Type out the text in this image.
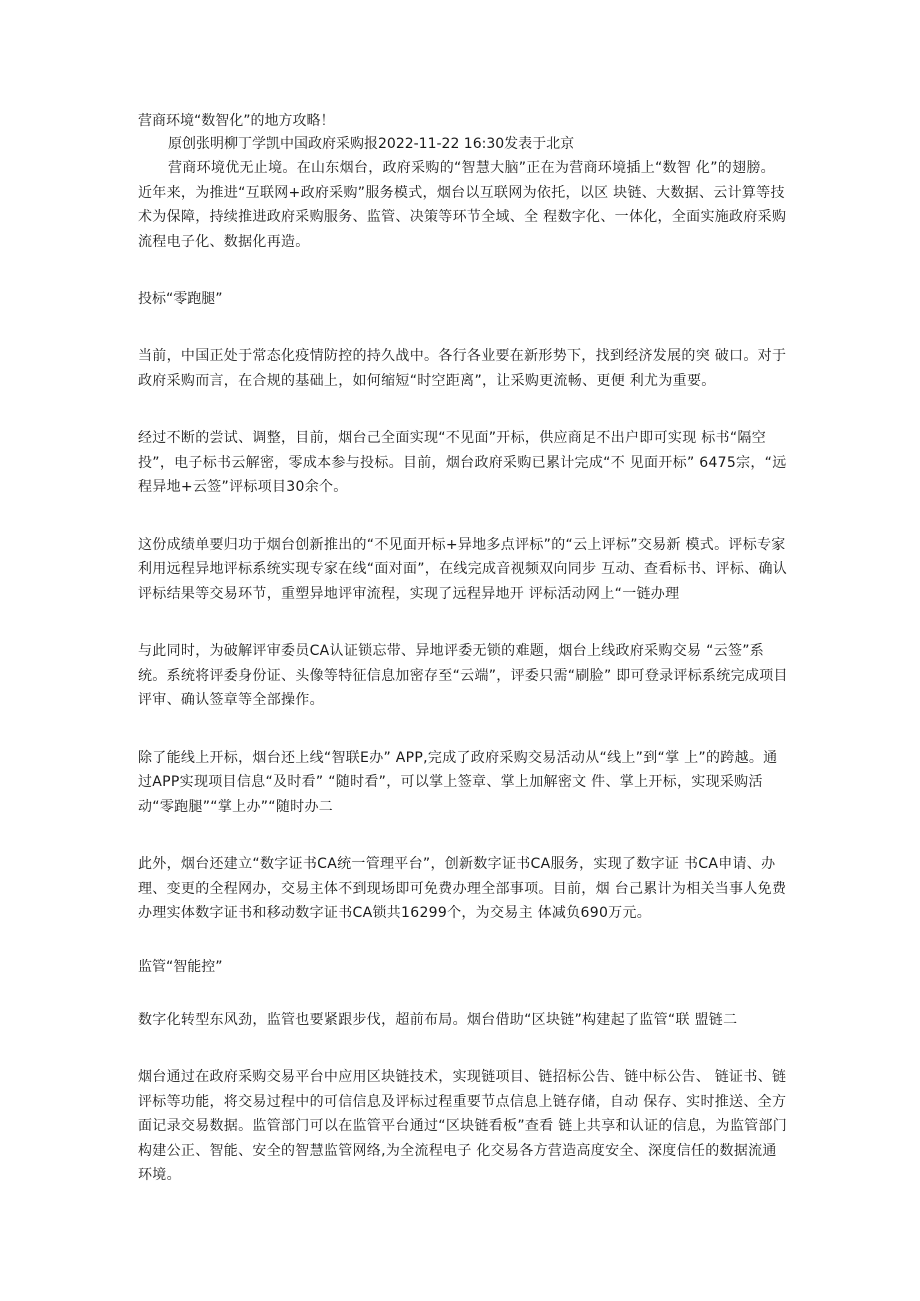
营商环境“数智化”的地方攻略！
原创张明柳丁学凯中国政府采购报2022-11-22 16:30发表于北京

营商环境优无止境。在山东烟台，政府采购的“智慧大脑”正在为营商环境插上“数智 化”的翅膀。近年来，为推进“互联网+政府采购”服务模式，烟台以互联网为依托，以区 块链、大数据、云计算等技术为保障，持续推进政府采购服务、监管、决策等环节全域、全 程数字化、一体化，全面实施政府采购流程电子化、数据化再造。

投标“零跑腿”

当前，中国正处于常态化疫情防控的持久战中。各行各业要在新形势下，找到经济发展的突 破口。对于政府采购而言，在合规的基础上，如何缩短“时空距离”，让采购更流畅、更便 利尤为重要。

经过不断的尝试、调整，目前，烟台己全面实现“不见面”开标，供应商足不出户即可实现 标书“隔空投”，电子标书云解密，零成本参与投标。目前，烟台政府采购已累计完成“不 见面开标” 6475宗，“远程异地+云签”评标项目30余个。

这份成绩单要归功于烟台创新推出的“不见面开标+异地多点评标”的“云上评标”交易新 模式。评标专家利用远程异地评标系统实现专家在线“面对面”，在线完成音视频双向同步 互动、查看标书、评标、确认评标结果等交易环节，重塑异地评审流程，实现了远程异地开 评标活动网上“一链办理

与此同时，为破解评审委员CA认证锁忘带、异地评委无锁的难题，烟台上线政府采购交易 “云签”系统。系统将评委身份证、头像等特征信息加密存至“云端”，评委只需“刷脸” 即可登录评标系统完成项目评审、确认签章等全部操作。

除了能线上开标，烟台还上线“智联E办” APP,完成了政府采购交易活动从“线上”到“掌 上”的跨越。通过APP实现项目信息“及时看” “随时看”，可以掌上签章、掌上加解密文 件、掌上开标，实现采购活动“零跑腿”“掌上办”“随时办二

此外，烟台还建立“数字证书CA统一管理平台”，创新数字证书CA服务，实现了数字证 书CA申请、办理、变更的全程网办，交易主体不到现场即可免费办理全部事项。目前，烟 台己累计为相关当事人免费办理实体数字证书和移动数字证书CA锁共16299个，为交易主 体减负690万元。

监管“智能控”

数字化转型东风劲，监管也要紧跟步伐，超前布局。烟台借助“区块链”构建起了监管“联 盟链二

烟台通过在政府采购交易平台中应用区块链技术，实现链项目、链招标公告、链中标公告、 链证书、链评标等功能，将交易过程中的可信信息及评标过程重要节点信息上链存储，自动 保存、实时推送、全方面记录交易数据。监管部门可以在监管平台通过“区块链看板”查看 链上共享和认证的信息，为监管部门构建公正、智能、安全的智慧监管网络,为全流程电子 化交易各方营造高度安全、深度信任的数据流通环境。
